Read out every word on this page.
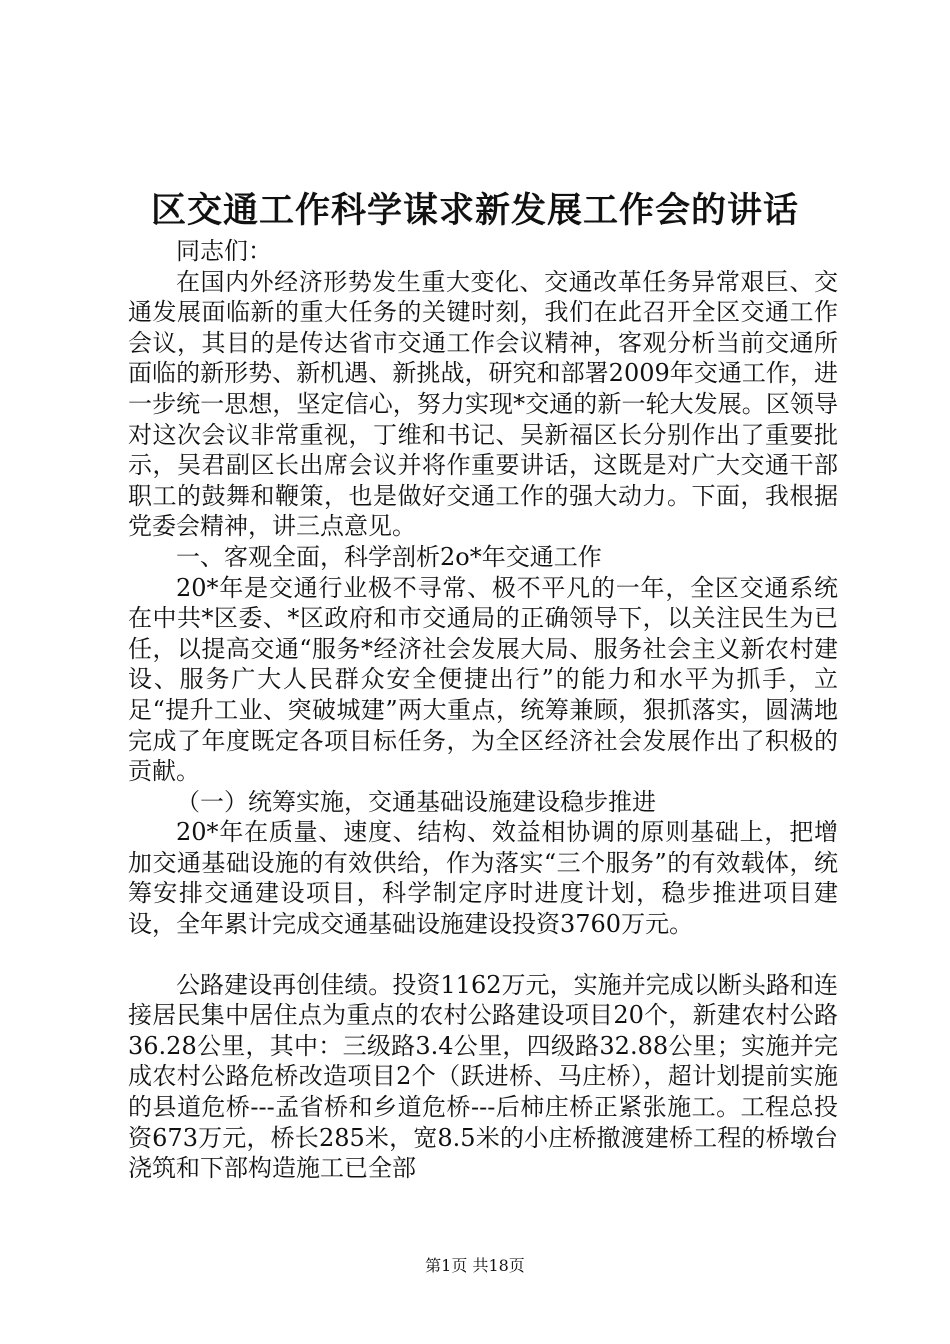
区交通工作科学谋求新发展工作会的讲话

同志们：

在国内外经济形势发生重大变化、交通改革任务异常艰巨、交通发展面临新的重大任务的关键时刻，我们在此召开全区交通工作会议，其目的是传达省市交通工作会议精神，客观分析当前交通所面临的新形势、新机遇、新挑战，研究和部署2009年交通工作，进一步统一思想，坚定信心，努力实现*交通的新一轮大发展。区领导对这次会议非常重视，丁维和书记、吴新福区长分别作出了重要批示，吴君副区长出席会议并将作重要讲话，这既是对广大交通干部职工的鼓舞和鞭策，也是做好交通工作的强大动力。下面，我根据党委会精神，讲三点意见。

一、客观全面，科学剖析2o*年交通工作

20*年是交通行业极不寻常、极不平凡的一年，全区交通系统在中共*区委、*区政府和市交通局的正确领导下，以关注民生为已任，以提高交通“服务*经济社会发展大局、服务社会主义新农村建设、服务广大人民群众安全便捷出行”的能力和水平为抓手，立足“提升工业、突破城建”两大重点，统筹兼顾，狠抓落实，圆满地完成了年度既定各项目标任务，为全区经济社会发展作出了积极的贡献。

（一）统筹实施，交通基础设施建设稳步推进

20*年在质量、速度、结构、效益相协调的原则基础上，把增加交通基础设施的有效供给，作为落实“三个服务”的有效载体，统筹安排交通建设项目，科学制定序时进度计划，稳步推进项目建设，全年累计完成交通基础设施建设投资3760万元。

公路建设再创佳绩。投资1162万元，实施并完成以断头路和连接居民集中居住点为重点的农村公路建设项目20个，新建农村公路36.28公里，其中：三级路3.4公里，四级路32.88公里；实施并完成农村公路危桥改造项目2个（跃进桥、马庄桥），超计划提前实施的县道危桥---孟省桥和乡道危桥---后柿庄桥正紧张施工。工程总投资673万元，桥长285米，宽8.5米的小庄桥撤渡建桥工程的桥墩台浇筑和下部构造施工已全部

第1页 共18页
